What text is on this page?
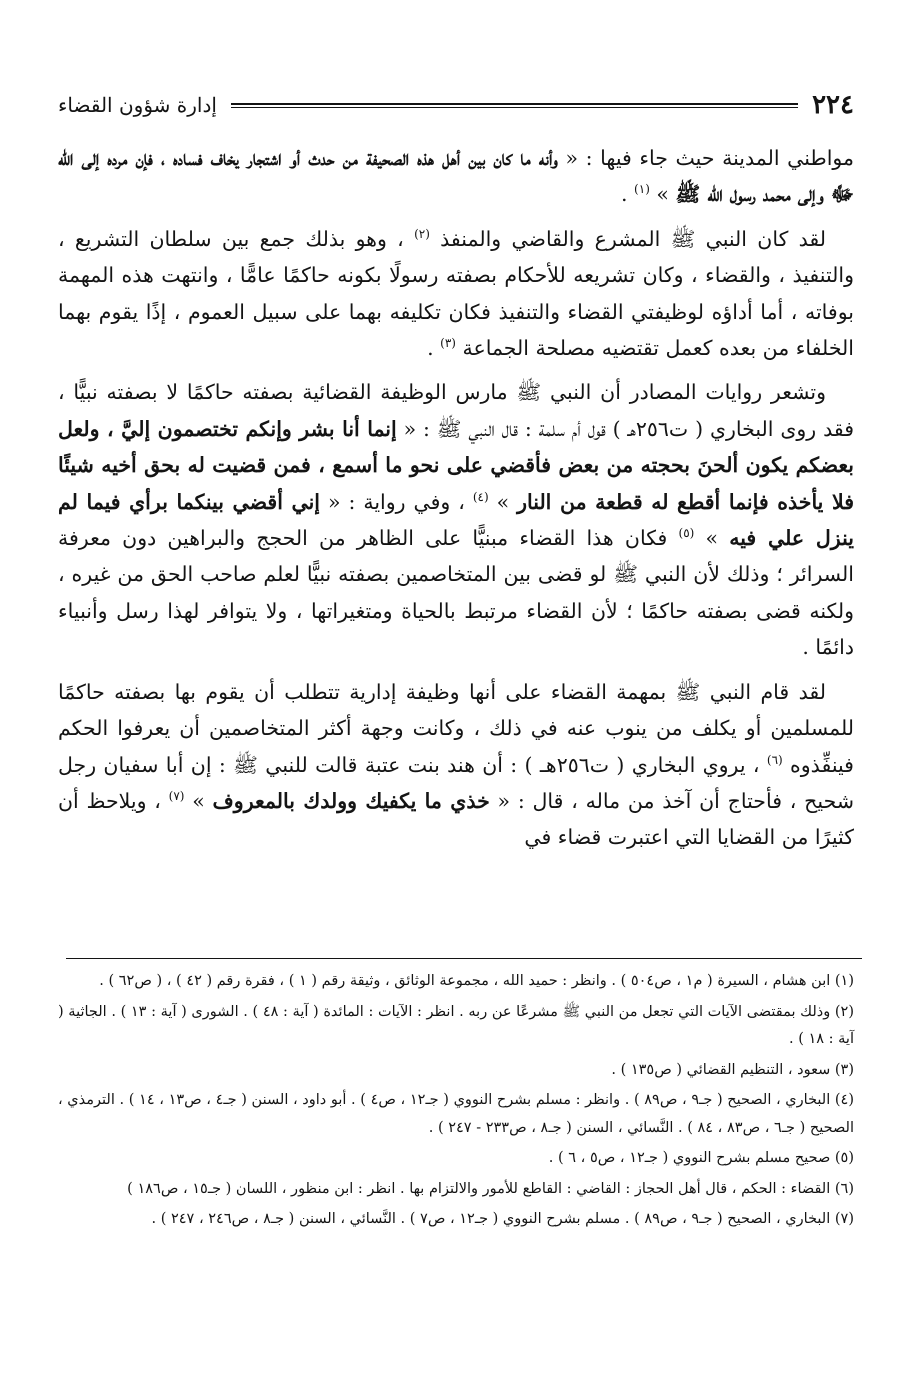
٢٢٤
إدارة شؤون القضاء

مواطني المدينة حيث جاء فيها : « وأنه ما كان بين أهل هذه الصحيفة من حدث أو اشتجار يخاف فساده ، فإن مرده إلى الله ﷻ وإلى محمد رسول الله ﷺ » $^{(١)}$ .

لقد كان النبي ﷺ المشرع والقاضي والمنفذ $^{(٢)}$ ، وهو بذلك جمع بين سلطان التشريع ، والتنفيذ ، والقضاء ، وكان تشريعه للأحكام بصفته رسولًا بكونه حاكمًا عامًّا ، وانتهت هذه المهمة بوفاته ، أما أداؤه لوظيفتي القضاء والتنفيذ فكان تكليفه بهما على سبيل العموم ، إذًا يقوم بهما الخلفاء من بعده كعمل تقتضيه مصلحة الجماعة $^{(٣)}$ .

وتشعر روايات المصادر أن النبي ﷺ مارس الوظيفة القضائية بصفته حاكمًا لا بصفته نبيًّا ، فقد روى البخاري ( ت٢٥٦هـ ) قول أم سلمة : قال النبي ﷺ : « إنما أنا بشر وإنكم تختصمون إليَّ ، ولعل بعضكم يكون ألحنَ بحجته من بعض فأقضي على نحو ما أسمع ، فمن قضيت له بحق أخيه شيئًا فلا يأخذه فإنما أقطع له قطعة من النار » $^{(٤)}$ ، وفي رواية : « إني أقضي بينكما برأي فيما لم ينزل علي فيه » $^{(٥)}$ فكان هذا القضاء مبنيًّا على الظاهر من الحجج والبراهين دون معرفة السرائر ؛ وذلك لأن النبي ﷺ لو قضى بين المتخاصمين بصفته نبيًّا لعلم صاحب الحق من غيره ، ولكنه قضى بصفته حاكمًا ؛ لأن القضاء مرتبط بالحياة ومتغيراتها ، ولا يتوافر لهذا رسل وأنبياء دائمًا .

لقد قام النبي ﷺ بمهمة القضاء على أنها وظيفة إدارية تتطلب أن يقوم بها بصفته حاكمًا للمسلمين أو يكلف من ينوب عنه في ذلك ، وكانت وجهة أكثر المتخاصمين أن يعرفوا الحكم فينفِّذوه $^{(٦)}$ ، يروي البخاري ( ت٢٥٦هـ ) : أن هند بنت عتبة قالت للنبي ﷺ : إن أبا سفيان رجل شحيح ، فأحتاج أن آخذ من ماله ، قال : « خذي ما يكفيك وولدك بالمعروف » $^{(٧)}$ ، ويلاحظ أن كثيرًا من القضايا التي اعتبرت قضاء في

(١) ابن هشام ، السيرة ( م١ ، ص٥٠٤ ) . وانظر : حميد الله ، مجموعة الوثائق ، وثيقة رقم ( ١ ) ، فقرة رقم ( ٤٢ ) ، ( ص٦٢ ) .

(٢) وذلك بمقتضى الآيات التي تجعل من النبي ﷺ مشرعًا عن ربه . انظر : الآيات : المائدة ( آية : ٤٨ ) . الشورى ( آية : ١٣ ) . الجاثية ( آية : ١٨ ) .

(٣) سعود ، التنظيم القضائي ( ص١٣٥ ) .

(٤) البخاري ، الصحيح ( جـ٩ ، ص٨٩ ) . وانظر : مسلم بشرح النووي ( جـ١٢ ، ص٤ ) . أبو داود ، السنن ( جـ٤ ، ص١٣ ، ١٤ ) . الترمذي ، الصحيح ( جـ٦ ، ص٨٣ ، ٨٤ ) . النَّسائي ، السنن ( جـ٨ ، ص٢٣٣ - ٢٤٧ ) .

(٥) صحيح مسلم بشرح النووي ( جـ١٢ ، ص٥ ، ٦ ) .

(٦) القضاء : الحكم ، قال أهل الحجاز : القاضي : القاطع للأمور والالتزام بها . انظر : ابن منظور ، اللسان ( جـ١٥ ، ص١٨٦ )

(٧) البخاري ، الصحيح ( جـ٩ ، ص٨٩ ) . مسلم بشرح النووي ( جـ١٢ ، ص٧ ) . النَّسائي ، السنن ( جـ٨ ، ص٢٤٦ ، ٢٤٧ ) .
